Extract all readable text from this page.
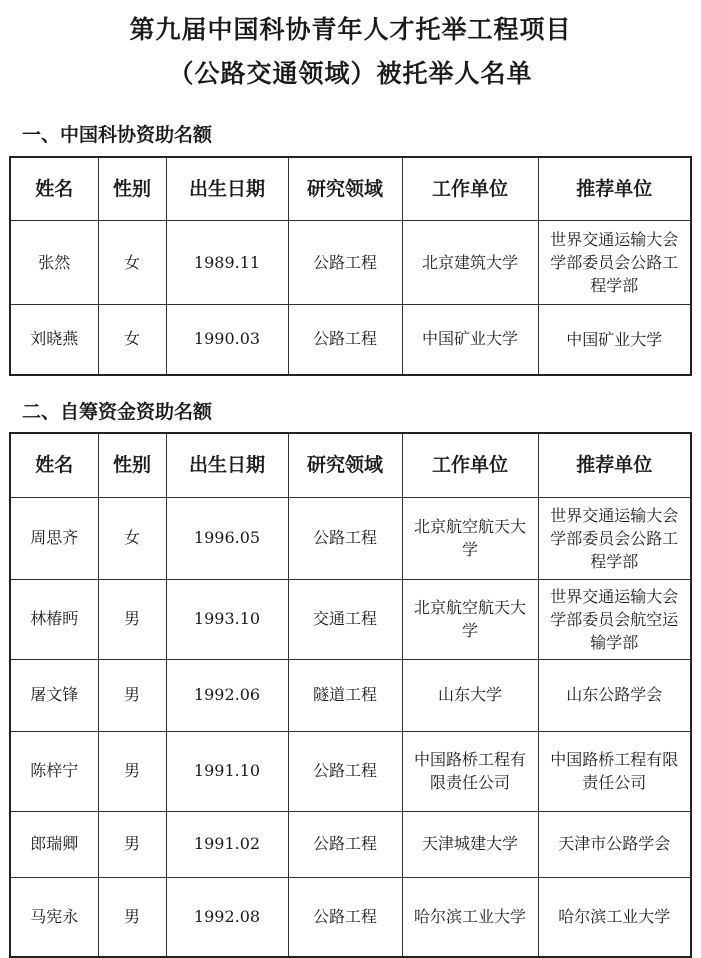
第九届中国科协青年人才托举工程项目
（公路交通领域）被托举人名单
一、中国科协资助名额
姓名	性别	出生日期	研究领域	工作单位	推荐单位
张然	女	1989.11	公路工程	北京建筑大学	世界交通运输大会学部委员会公路工程学部
刘晓燕	女	1990.03	公路工程	中国矿业大学	中国矿业大学
二、自筹资金资助名额
姓名	性别	出生日期	研究领域	工作单位	推荐单位
周思齐	女	1996.05	公路工程	北京航空航天大学	世界交通运输大会学部委员会公路工程学部
林椿眄	男	1993.10	交通工程	北京航空航天大学	世界交通运输大会学部委员会航空运输学部
屠文锋	男	1992.06	隧道工程	山东大学	山东公路学会
陈梓宁	男	1991.10	公路工程	中国路桥工程有限责任公司	中国路桥工程有限责任公司
郎瑞卿	男	1991.02	公路工程	天津城建大学	天津市公路学会
马宪永	男	1992.08	公路工程	哈尔滨工业大学	哈尔滨工业大学
